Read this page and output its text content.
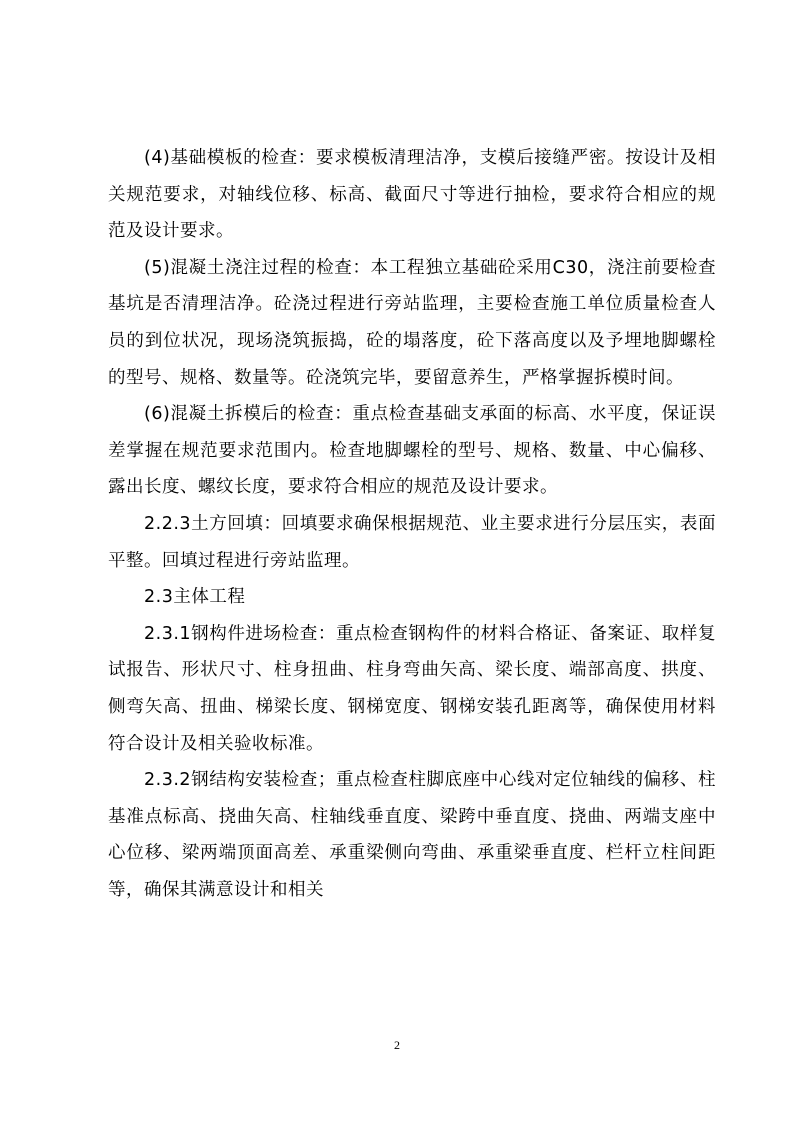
(4)基础模板的检查：要求模板清理洁净，支模后接缝严密。按设计及相关规范要求，对轴线位移、标高、截面尺寸等进行抽检，要求符合相应的规范及设计要求。

(5)混凝土浇注过程的检查：本工程独立基础砼采用C30，浇注前要检查基坑是否清理洁净。砼浇过程进行旁站监理，主要检查施工单位质量检查人员的到位状况，现场浇筑振捣，砼的塌落度，砼下落高度以及予埋地脚螺栓的型号、规格、数量等。砼浇筑完毕，要留意养生，严格掌握拆模时间。

(6)混凝土拆模后的检查：重点检查基础支承面的标高、水平度，保证误差掌握在规范要求范围内。检查地脚螺栓的型号、规格、数量、中心偏移、露出长度、螺纹长度，要求符合相应的规范及设计要求。

2.2.3土方回填：回填要求确保根据规范、业主要求进行分层压实，表面平整。回填过程进行旁站监理。

2.3主体工程

2.3.1钢构件进场检查：重点检查钢构件的材料合格证、备案证、取样复试报告、形状尺寸、柱身扭曲、柱身弯曲矢高、梁长度、端部高度、拱度、侧弯矢高、扭曲、梯梁长度、钢梯宽度、钢梯安装孔距离等，确保使用材料符合设计及相关验收标准。

2.3.2钢结构安装检查；重点检查柱脚底座中心线对定位轴线的偏移、柱基准点标高、挠曲矢高、柱轴线垂直度、梁跨中垂直度、挠曲、两端支座中心位移、梁两端顶面高差、承重梁侧向弯曲、承重梁垂直度、栏杆立柱间距等，确保其满意设计和相关

2
